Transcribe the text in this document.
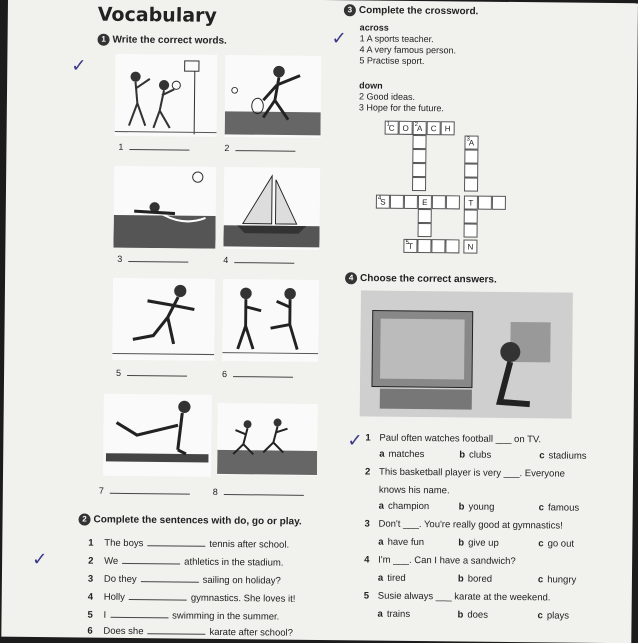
Vocabulary
1 Write the correct words.
✓
1	2
3	4
5	6
7	8
2 Complete the sentences with do, go or play.
✓
1 The boys	tennis after school.
2 We	athletics in the stadium.
3 Do they	sailing on holiday?
4 Holly	gymnastics. She loves it!
5 I	swimming in the summer.
6 Does she	karate after school?
3 Complete the crossword.
✓
across
1 A sports teacher.
4 A very famous person.
5 Practise sport.
down
2 Good ideas.
3 Hope for the future.
1
C O 2
A	C	H
3
A
4
S	E	T
5 T	N
4 Choose the correct answers.
✓ 1 Paul often watches football ___ on TV.
a matches	b clubs	c stadiums
2 This basketball player is very ___. Everyone
knows his name.
a champion	b young	c famous
3 Don't ___. You're really good at gymnastics!
a have fun	b give up	c go out
4 I'm ___. Can I have a sandwich?
a tired	b bored	c hungry
5 Susie always ___ karate at the weekend.
a trains	b does	c plays
